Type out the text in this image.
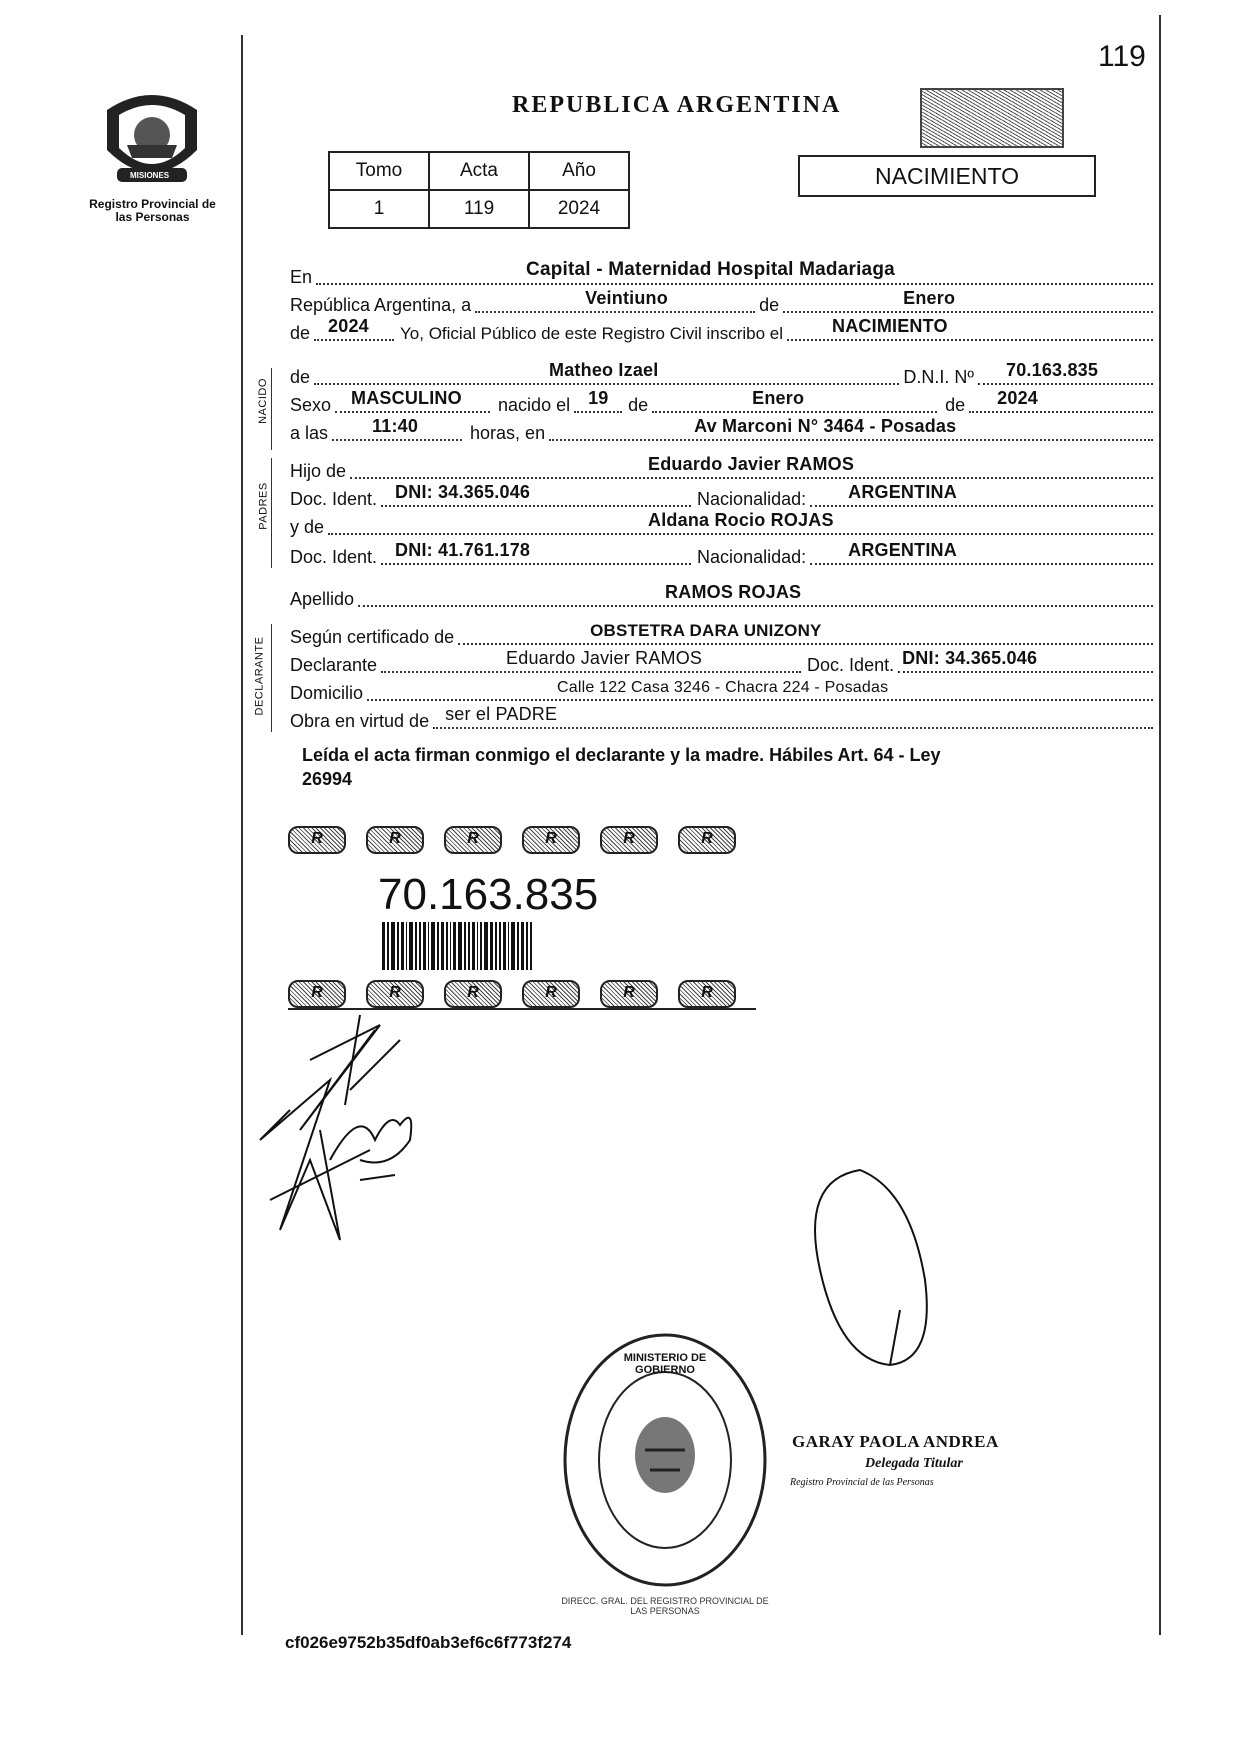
119
PROVINCIA DE
MISIONES
Registro Provincial de las Personas
REPUBLICA ARGENTINA
Tomo	Acta	Año
1	119	2024
NACIMIENTO
En	Capital - Maternidad Hospital Madariaga
República Argentina, a	Veintiuno	de	Enero
de 2024	Yo, Oficial Público de este Registro Civil inscribo el	NACIMIENTO
NACIDO
de	Matheo Izael	D.N.I. Nº 70.163.835
Sexo MASCULINO	nacido el 19	de	Enero	de 2024
a las 11:40	horas, en	Av Marconi N° 3464 - Posadas
PADRES
Hijo de	Eduardo Javier RAMOS
Doc. Ident. DNI: 34.365.046	Nacionalidad: ARGENTINA
y de	Aldana Rocio ROJAS
Doc. Ident. DNI: 41.761.178	Nacionalidad: ARGENTINA
Apellido	RAMOS ROJAS
DECLARANTE Según certificado de	OBSTETRA DARA UNIZONY
Declarante	Eduardo Javier RAMOS	Doc. Ident. DNI: 34.365.046
Domicilio	Calle 122 Casa 3246 - Chacra 224 - Posadas
Obra en virtud de ser el PADRE
Leída el acta firman conmigo el declarante y la madre. Hábiles Art. 64 - Ley
26994
R	R	R	R	R	R
70.163.835
R	R	R	R	R	R
DIRECC. GRAL. DEL REGISTRO PROVINCIAL DE LAS PERSONAS
MINISTERIO DE GOBIERNO
GARAY PAOLA ANDREA
Delegada Titular
Registro Provincial de las Personas
cf026e9752b35df0ab3ef6c6f773f274
